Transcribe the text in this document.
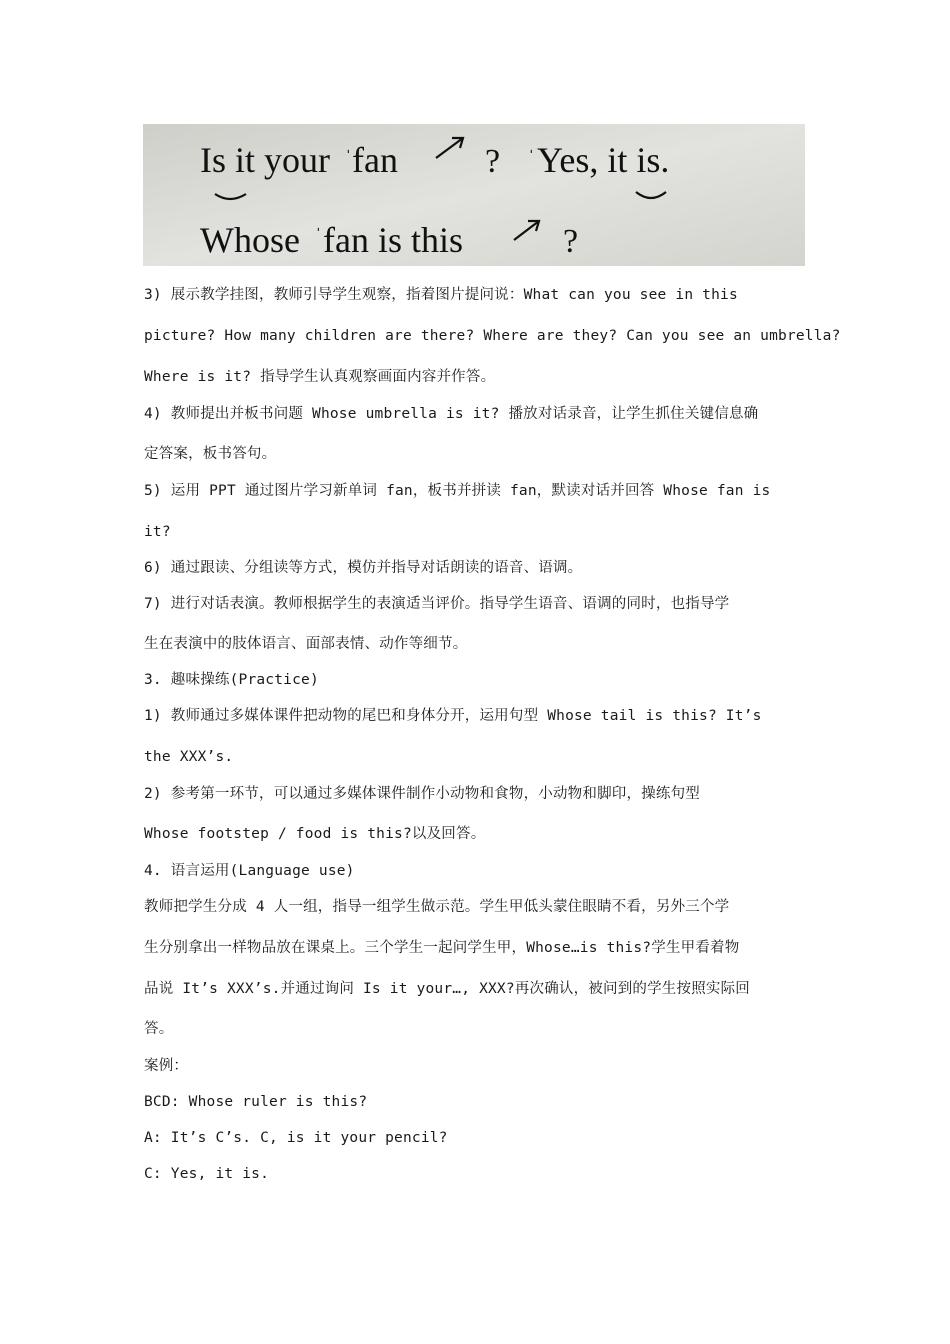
Is it your ˈ fan	? ˈ Yes, it is.
Whose ˈ fan is this	?
3) 展示教学挂图，教师引导学生观察，指着图片提问说：What can you see in this
picture? How many children are there? Where are they? Can you see an umbrella?
Where is it? 指导学生认真观察画面内容并作答。
4) 教师提出并板书问题 Whose umbrella is it? 播放对话录音，让学生抓住关键信息确
定答案，板书答句。
5) 运用 PPT 通过图片学习新单词 fan，板书并拼读 fan，默读对话并回答 Whose fan is
it?
6) 通过跟读、分组读等方式，模仿并指导对话朗读的语音、语调。
7) 进行对话表演。教师根据学生的表演适当评价。指导学生语音、语调的同时，也指导学
生在表演中的肢体语言、面部表情、动作等细节。
3. 趣味操练(Practice)
1) 教师通过多媒体课件把动物的尾巴和身体分开，运用句型 Whose tail is this? It’s
the XXX’s.
2) 参考第一环节，可以通过多媒体课件制作小动物和食物，小动物和脚印，操练句型
Whose footstep / food is this?以及回答。
4. 语言运用(Language use)
教师把学生分成 4 人一组，指导一组学生做示范。学生甲低头蒙住眼睛不看，另外三个学
生分别拿出一样物品放在课桌上。三个学生一起问学生甲，Whose…is this?学生甲看着物
品说 It’s XXX’s.并通过询问 Is it your…, XXX?再次确认，被问到的学生按照实际回
答。
案例：
BCD: Whose ruler is this?
A: It’s C’s. C, is it your pencil?
C: Yes, it is.
